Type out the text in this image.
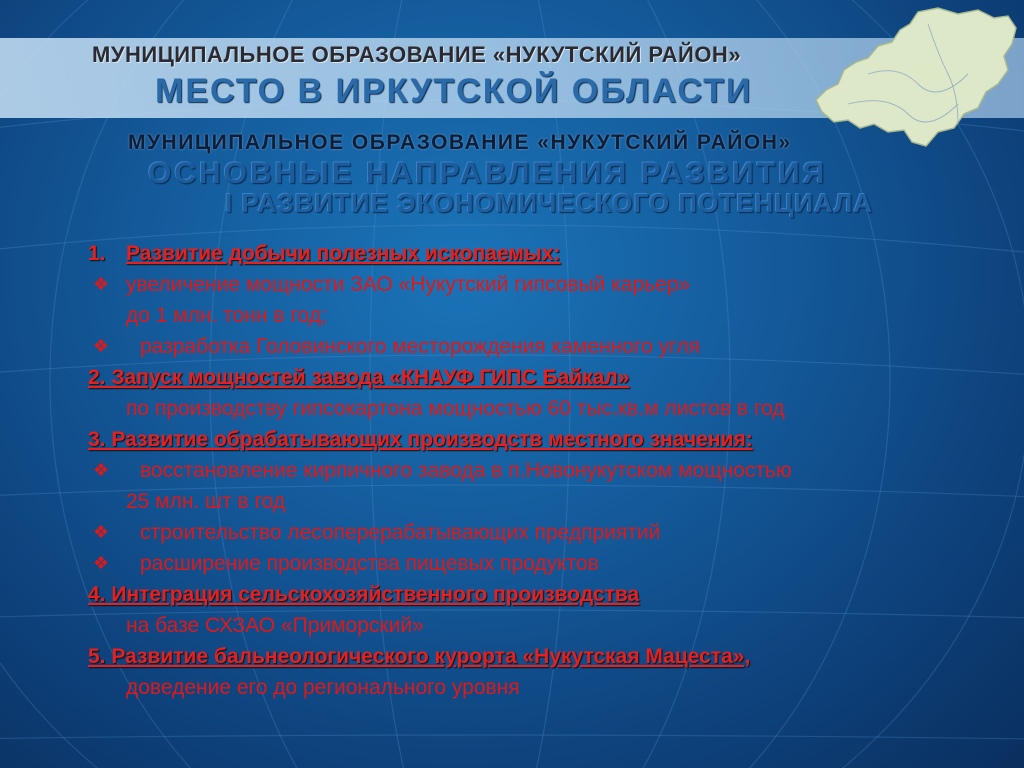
МУНИЦИПАЛЬНОЕ ОБРАЗОВАНИЕ «НУКУТСКИЙ РАЙОН»
МЕСТО В ИРКУТСКОЙ ОБЛАСТИ
МУНИЦИПАЛЬНОЕ ОБРАЗОВАНИЕ «НУКУТСКИЙ РАЙОН»
ОСНОВНЫЕ НАПРАВЛЕНИЯ РАЗВИТИЯ
I РАЗВИТИЕ ЭКОНОМИЧЕСКОГО ПОТЕНЦИАЛА
1. Развитие добычи полезных ископаемых:
❖ увеличение мощности ЗАО «Нукутский гипсовый карьер»
до 1 млн. тонн в год;
❖ разработка Головинского месторождения каменного угля
2. Запуск мощностей завода «КНАУФ ГИПС Байкал»
по производству гипсокартона мощностью 60 тыс.кв.м листов в год
3. Развитие обрабатывающих производств местного значения:
❖ восстановление кирпичного завода в п.Новонукутском мощностью
25 млн. шт в год
❖ строительство лесоперерабатывающих предприятий
❖ расширение производства пищевых продуктов
4. Интеграция сельскохозяйственного производства
на базе СХЗАО «Приморский»
5. Развитие бальнеологического курорта «Нукутская Мацеста»,
доведение его до регионального уровня
